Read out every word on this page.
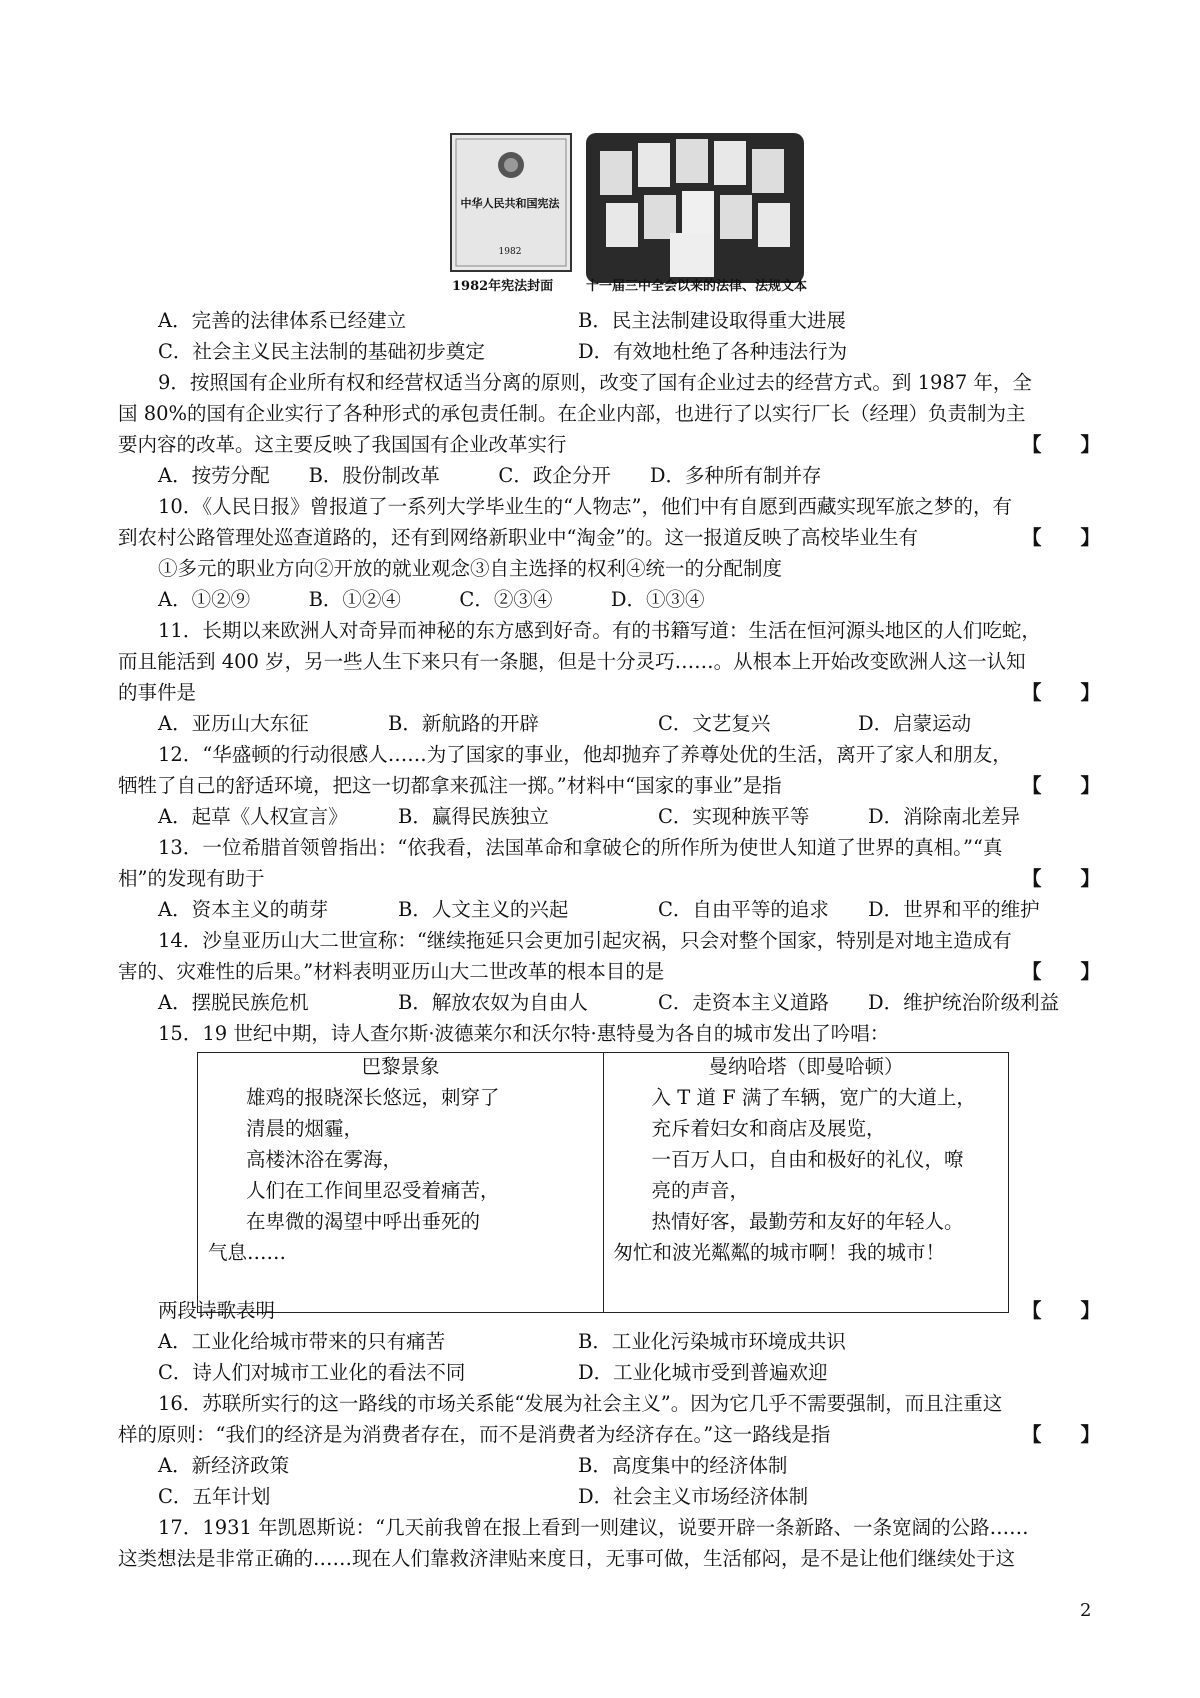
中华人民共和国宪法
1982
1982年宪法封面	十一届三中全会以来的法律、法规文本
A．完善的法律体系已经建立	B．民主法制建设取得重大进展
C．社会主义民主法制的基础初步奠定	D．有效地杜绝了各种违法行为
9．按照国有企业所有权和经营权适当分离的原则，改变了国有企业过去的经营方式。到 1987 年，全
国 80%的国有企业实行了各种形式的承包责任制。在企业内部，也进行了以实行厂长（经理）负责制为主
要内容的改革。这主要反映了我国国有企业改革实行	【　　】
A．按劳分配　　B．股份制改革　　　C．政企分开　　D．多种所有制并存
10．《人民日报》曾报道了一系列大学毕业生的“人物志”，他们中有自愿到西藏实现军旅之梦的，有
到农村公路管理处巡查道路的，还有到网络新职业中“淘金”的。这一报道反映了高校毕业生有	【　　】
①多元的职业方向②开放的就业观念③自主选择的权利④统一的分配制度
A．①②⑨　　　B．①②④　　　C．②③④　　　D．①③④
11．长期以来欧洲人对奇异而神秘的东方感到好奇。有的书籍写道：生活在恒河源头地区的人们吃蛇，
而且能活到 400 岁，另一些人生下来只有一条腿，但是十分灵巧……。从根本上开始改变欧洲人这一认知
的事件是	【　　】
A．亚历山大东征	B．新航路的开辟	C．文艺复兴	D．启蒙运动
12．“华盛顿的行动很感人……为了国家的事业，他却抛弃了养尊处优的生活，离开了家人和朋友，
牺牲了自己的舒适环境，把这一切都拿来孤注一掷。”材料中“国家的事业”是指	【　　】
A．起草《人权宣言》	B．赢得民族独立	C．实现种族平等	D．消除南北差异
13．一位希腊首领曾指出：“依我看，法国革命和拿破仑的所作所为使世人知道了世界的真相。”“真
相”的发现有助于	【　　】
A．资本主义的萌芽	B．人文主义的兴起	C．自由平等的追求 D．世界和平的维护
14．沙皇亚历山大二世宣称：“继续拖延只会更加引起灾祸，只会对整个国家，特别是对地主造成有
害的、灾难性的后果。”材料表明亚历山大二世改革的根本目的是	【　　】
A．摆脱民族危机	B．解放农奴为自由人	C．走资本主义道路 D．维护统治阶级利益
15．19 世纪中期，诗人查尔斯·波德莱尔和沃尔特·惠特曼为各自的城市发出了吟唱：
巴黎景象
雄鸡的报晓深长悠远，刺穿了
清晨的烟霾，
高楼沐浴在雾海，
人们在工作间里忍受着痛苦，
在卑微的渴望中呼出垂死的
气息……

曼纳哈塔（即曼哈顿）
入 T 道 F 满了车辆，宽广的大道上，
充斥着妇女和商店及展览，
一百万人口，自由和极好的礼仪，嘹
亮的声音，
热情好客，最勤劳和友好的年轻人。
匆忙和波光粼粼的城市啊！我的城市！
两段诗歌表明	【　　】
A．工业化给城市带来的只有痛苦	B．工业化污染城市环境成共识
C．诗人们对城市工业化的看法不同	D．工业化城市受到普遍欢迎
16．苏联所实行的这一路线的市场关系能“发展为社会主义”。因为它几乎不需要强制，而且注重这
样的原则：“我们的经济是为消费者存在，而不是消费者为经济存在。”这一路线是指	【　　】
A．新经济政策	B．高度集中的经济体制
C．五年计划	D．社会主义市场经济体制
17．1931 年凯恩斯说：“几天前我曾在报上看到一则建议，说要开辟一条新路、一条宽阔的公路……
这类想法是非常正确的……现在人们靠救济津贴来度日，无事可做，生活郁闷，是不是让他们继续处于这
2
